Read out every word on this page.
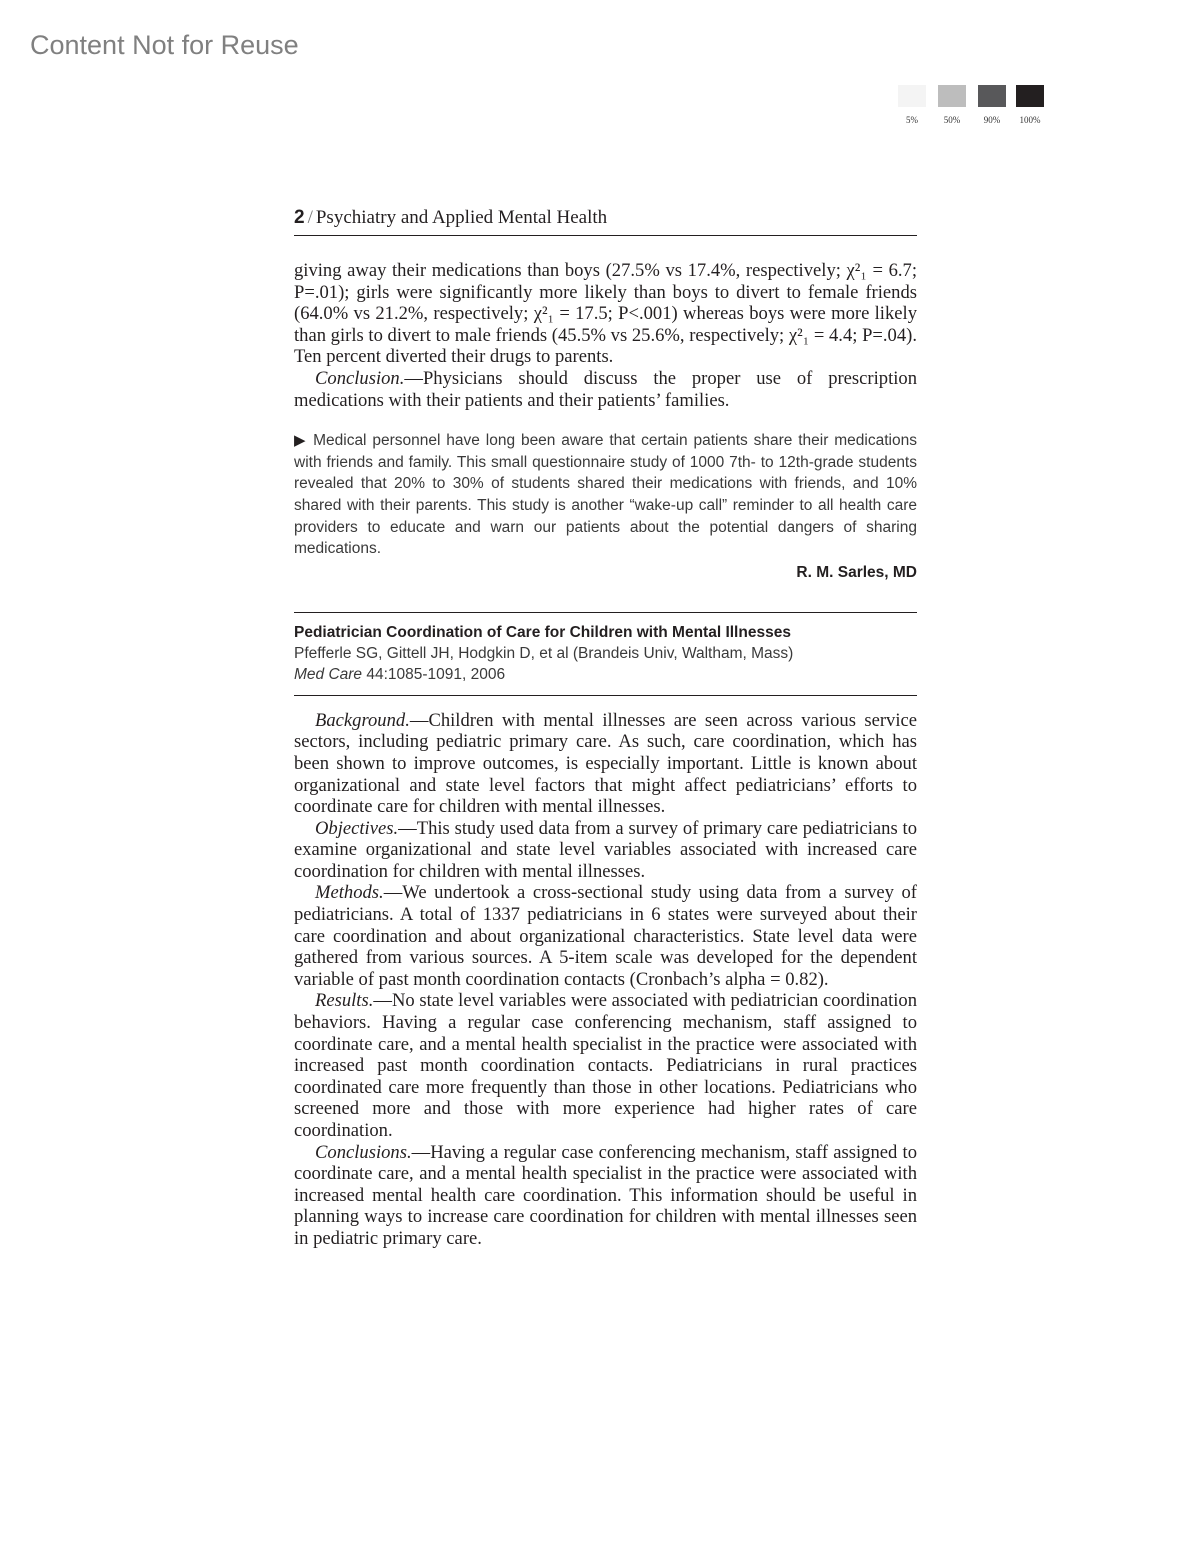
Content Not for Reuse
5%	50%	90%	100%
2 / Psychiatry and Applied Mental Health

giving away their medications than boys (27.5% vs 17.4%, respectively; χ²₁ = 6.7; P=.01); girls were significantly more likely than boys to divert to female friends (64.0% vs 21.2%, respectively; χ²₁ = 17.5; P<.001) whereas boys were more likely than girls to divert to male friends (45.5% vs 25.6%, respectively; χ²₁ = 4.4; P=.04). Ten percent diverted their drugs to parents.

Conclusion.—Physicians should discuss the proper use of prescription medications with their patients and their patients’ families.

▶ Medical personnel have long been aware that certain patients share their medications with friends and family. This small questionnaire study of 1000 7th- to 12th-grade students revealed that 20% to 30% of students shared their medications with friends, and 10% shared with their parents. This study is another “wake-up call” reminder to all health care providers to educate and warn our patients about the potential dangers of sharing medications.

R. M. Sarles, MD
Pediatrician Coordination of Care for Children with Mental Illnesses
Pfefferle SG, Gittell JH, Hodgkin D, et al (Brandeis Univ, Waltham, Mass)
Med Care 44:1085-1091, 2006

Background.—Children with mental illnesses are seen across various service sectors, including pediatric primary care. As such, care coordination, which has been shown to improve outcomes, is especially important. Little is known about organizational and state level factors that might affect pediatricians’ efforts to coordinate care for children with mental illnesses.

Objectives.—This study used data from a survey of primary care pediatricians to examine organizational and state level variables associated with increased care coordination for children with mental illnesses.

Methods.—We undertook a cross-sectional study using data from a survey of pediatricians. A total of 1337 pediatricians in 6 states were surveyed about their care coordination and about organizational characteristics. State level data were gathered from various sources. A 5-item scale was developed for the dependent variable of past month coordination contacts (Cronbach’s alpha = 0.82).

Results.—No state level variables were associated with pediatrician coordination behaviors. Having a regular case conferencing mechanism, staff assigned to coordinate care, and a mental health specialist in the practice were associated with increased past month coordination contacts. Pediatricians in rural practices coordinated care more frequently than those in other locations. Pediatricians who screened more and those with more experience had higher rates of care coordination.

Conclusions.—Having a regular case conferencing mechanism, staff assigned to coordinate care, and a mental health specialist in the practice were associated with increased mental health care coordination. This information should be useful in planning ways to increase care coordination for children with mental illnesses seen in pediatric primary care.
